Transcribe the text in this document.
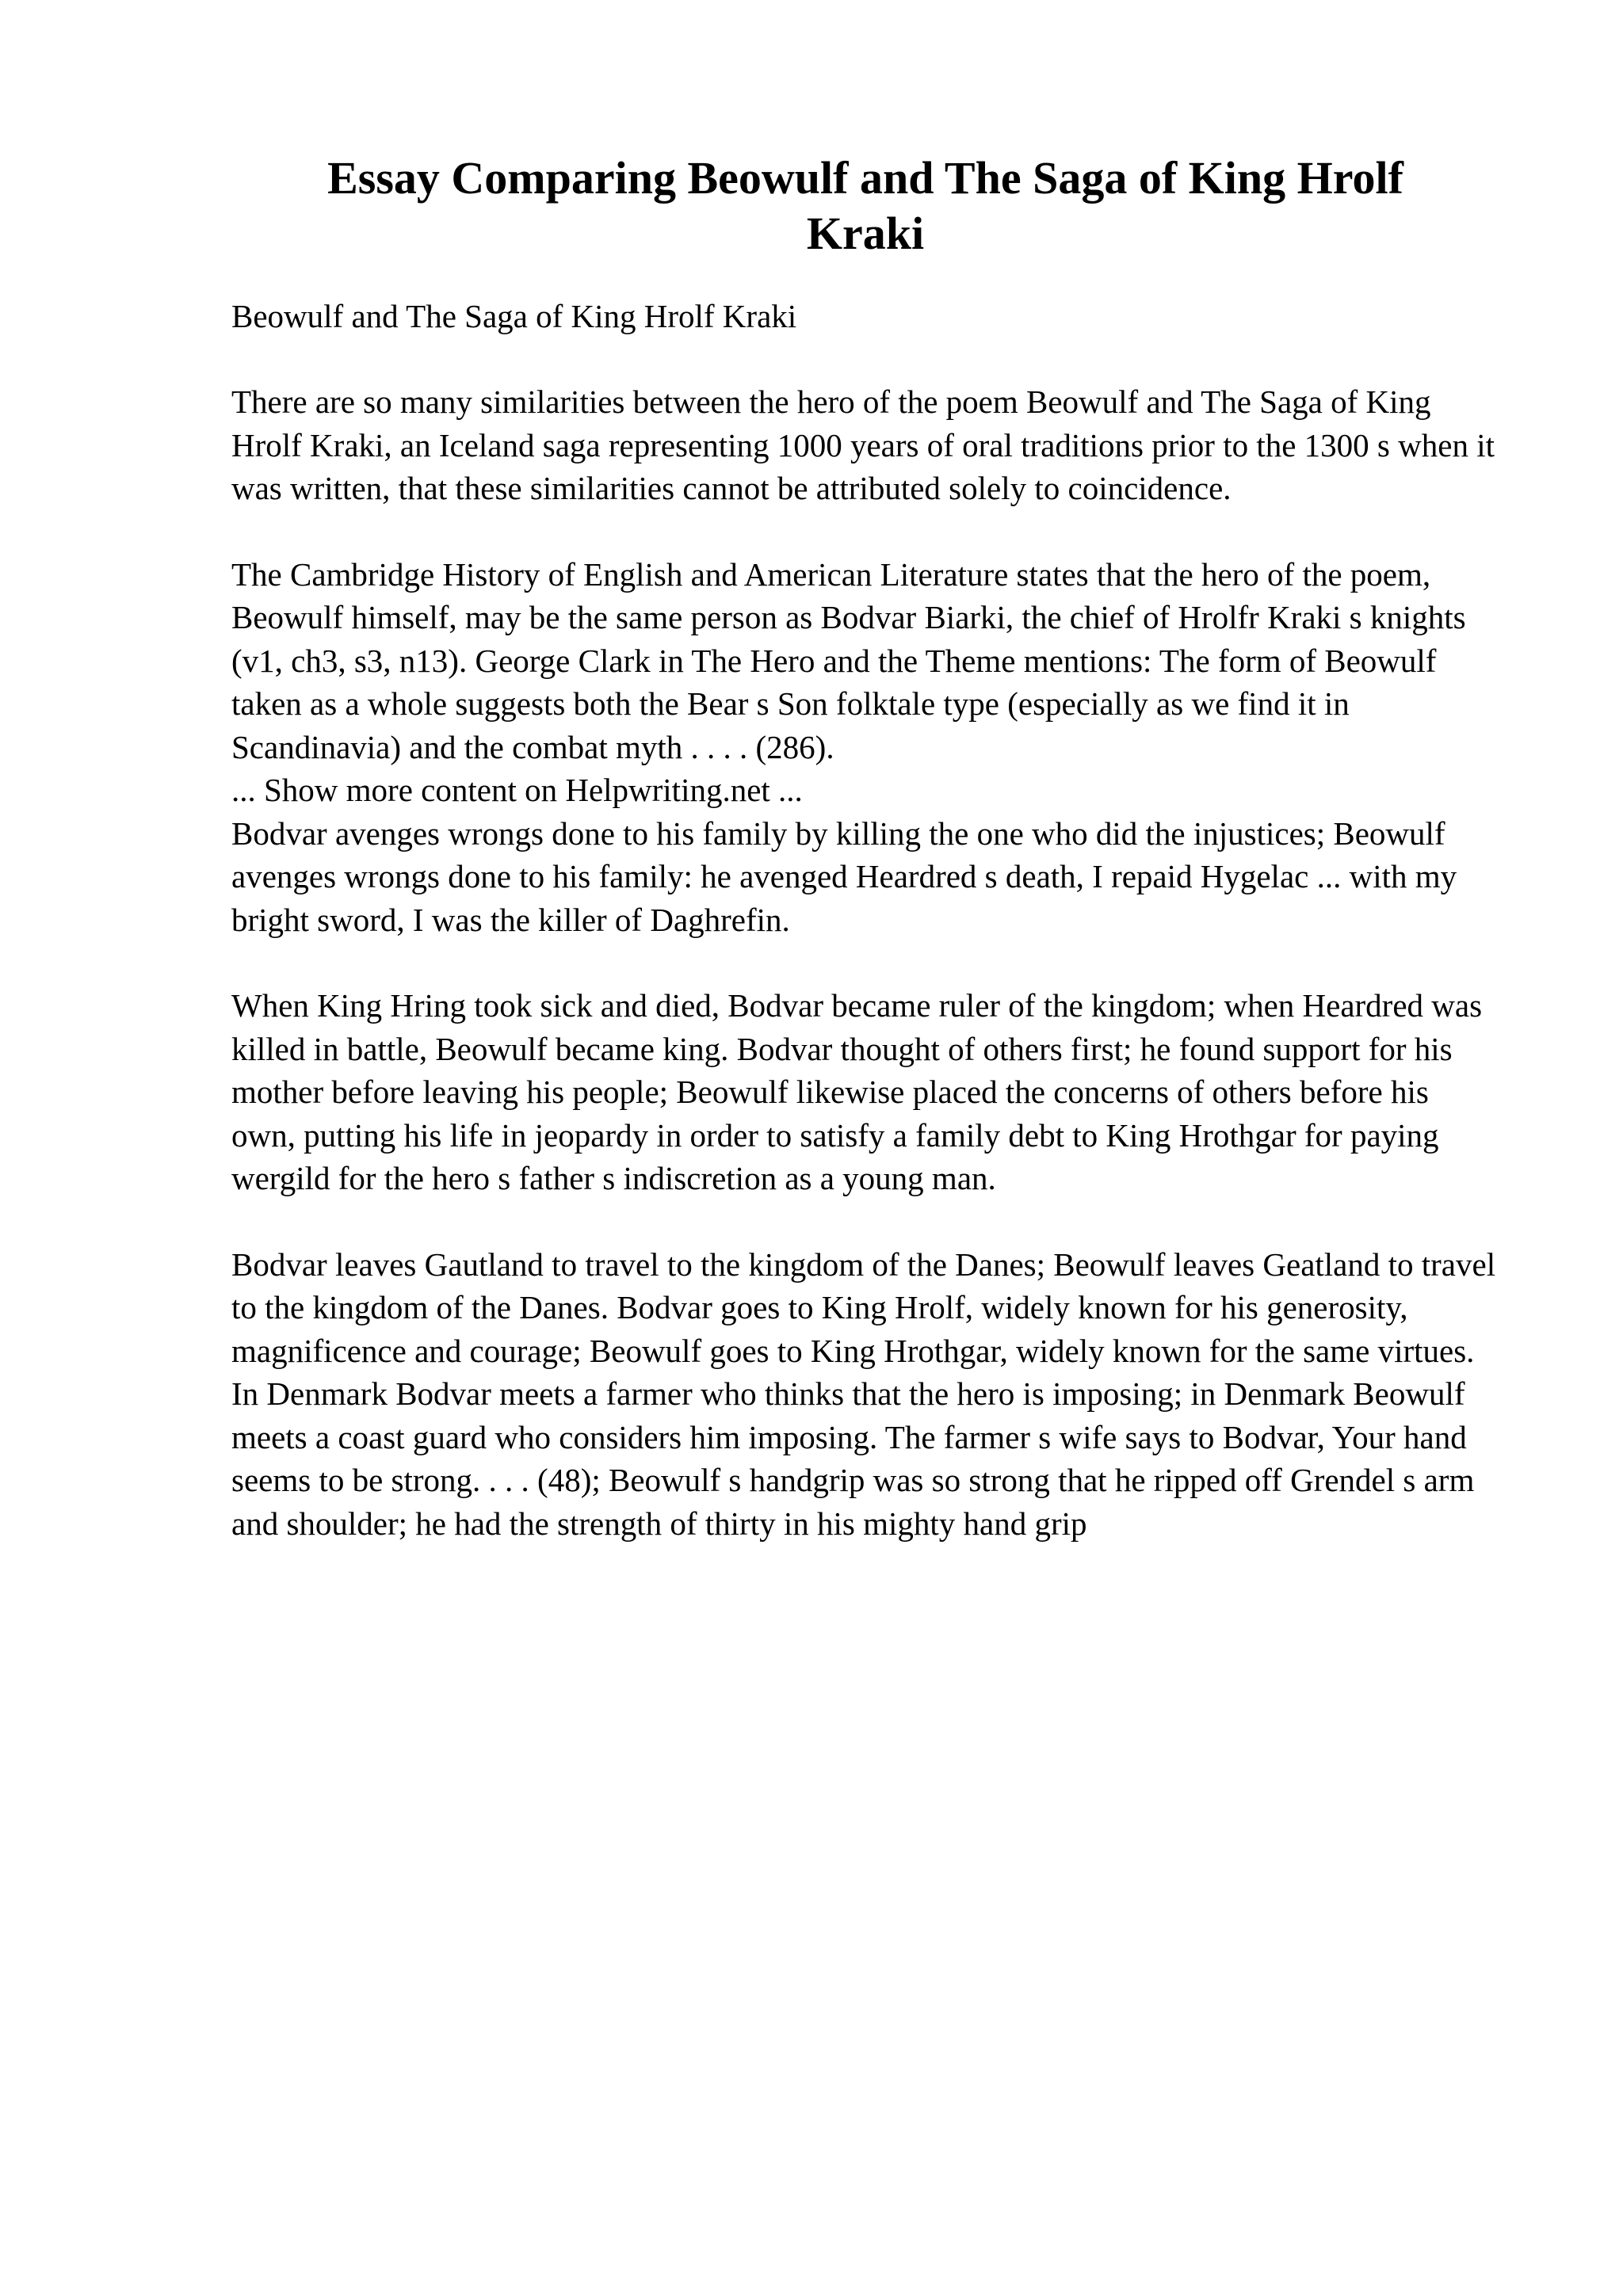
Essay Comparing Beowulf and The Saga of King Hrolf Kraki

Beowulf and The Saga of King Hrolf Kraki

There are so many similarities between the hero of the poem Beowulf and The Saga of King Hrolf Kraki, an Iceland saga representing 1000 years of oral traditions prior to the 1300 s when it was written, that these similarities cannot be attributed solely to coincidence.

The Cambridge History of English and American Literature states that the hero of the poem, Beowulf himself, may be the same person as Bodvar Biarki, the chief of Hrolfr Kraki s knights (v1, ch3, s3, n13). George Clark in The Hero and the Theme mentions: The form of Beowulf taken as a whole suggests both the Bear s Son folktale type (especially as we find it in Scandinavia) and the combat myth . . . . (286).

... Show more content on Helpwriting.net ...

Bodvar avenges wrongs done to his family by killing the one who did the injustices; Beowulf avenges wrongs done to his family: he avenged Heardred s death, I repaid Hygelac ... with my bright sword, I was the killer of Daghrefin.

When King Hring took sick and died, Bodvar became ruler of the kingdom; when Heardred was killed in battle, Beowulf became king. Bodvar thought of others first; he found support for his mother before leaving his people; Beowulf likewise placed the concerns of others before his own, putting his life in jeopardy in order to satisfy a family debt to King Hrothgar for paying wergild for the hero s father s indiscretion as a young man.

Bodvar leaves Gautland to travel to the kingdom of the Danes; Beowulf leaves Geatland to travel to the kingdom of the Danes. Bodvar goes to King Hrolf, widely known for his generosity, magnificence and courage; Beowulf goes to King Hrothgar, widely known for the same virtues. In Denmark Bodvar meets a farmer who thinks that the hero is imposing; in Denmark Beowulf meets a coast guard who considers him imposing. The farmer s wife says to Bodvar, Your hand seems to be strong. . . . (48); Beowulf s handgrip was so strong that he ripped off Grendel s arm and shoulder; he had the strength of thirty in his mighty hand grip
